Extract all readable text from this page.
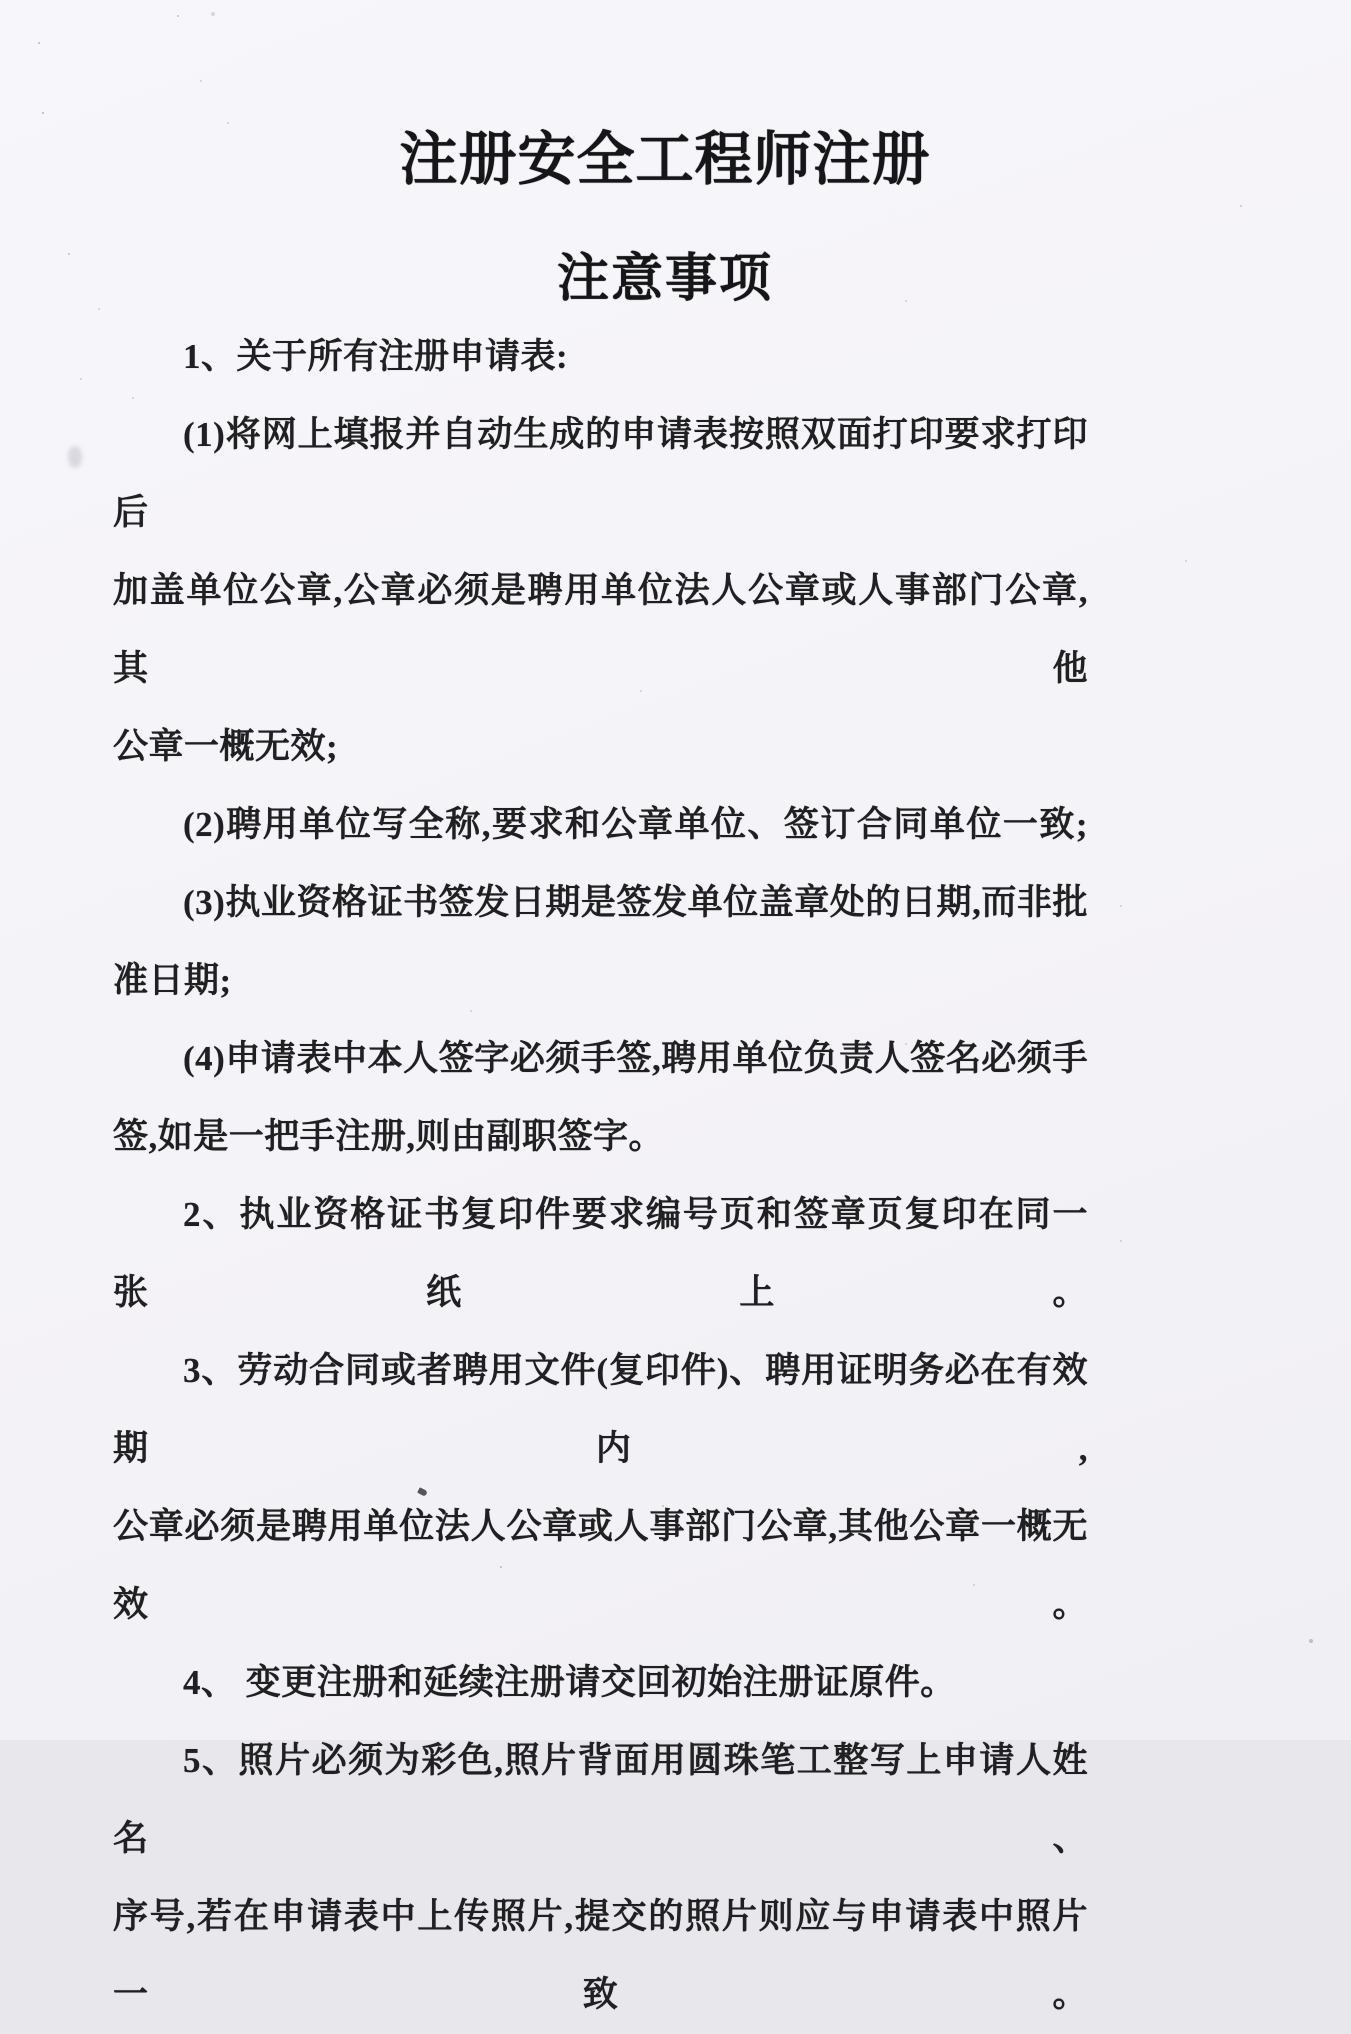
注册安全工程师注册
注意事项

1、关于所有注册申请表:

(1)将网上填报并自动生成的申请表按照双面打印要求打印后

加盖单位公章,公章必须是聘用单位法人公章或人事部门公章,其他

公章一概无效;

(2)聘用单位写全称,要求和公章单位、签订合同单位一致;

(3)执业资格证书签发日期是签发单位盖章处的日期,而非批

准日期;

(4)申请表中本人签字必须手签,聘用单位负责人签名必须手

签,如是一把手注册,则由副职签字。

2、执业资格证书复印件要求编号页和签章页复印在同一张纸上。

3、劳动合同或者聘用文件(复印件)、聘用证明务必在有效期内,

公章必须是聘用单位法人公章或人事部门公章,其他公章一概无效。

4、 变更注册和延续注册请交回初始注册证原件。

5、照片必须为彩色,照片背面用圆珠笔工整写上申请人姓名、

序号,若在申请表中上传照片,提交的照片则应与申请表中照片一致。
